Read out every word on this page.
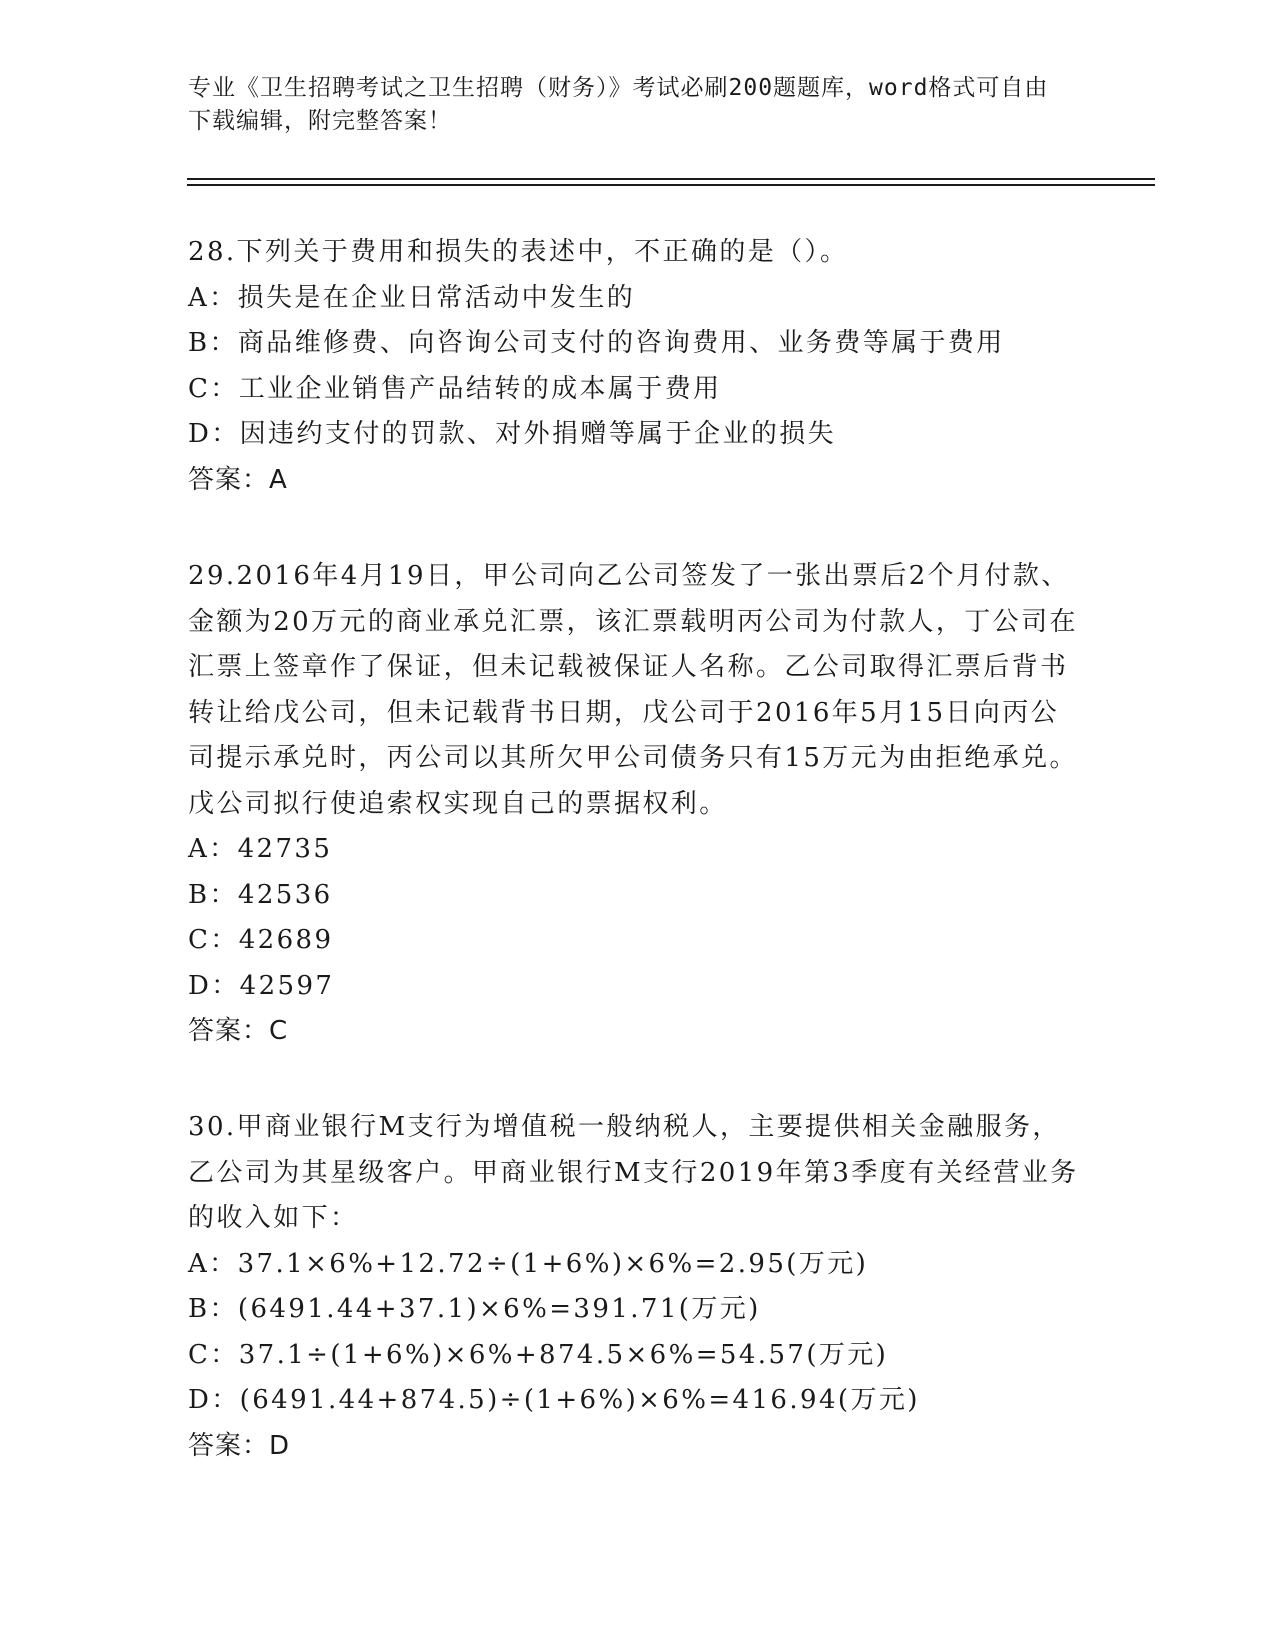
专业《卫生招聘考试之卫生招聘（财务）》考试必刷200题题库，word格式可自由下载编辑，附完整答案！
28.下列关于费用和损失的表述中，不正确的是（）。
A：损失是在企业日常活动中发生的
B：商品维修费、向咨询公司支付的咨询费用、业务费等属于费用
C：工业企业销售产品结转的成本属于费用
D：因违约支付的罚款、对外捐赠等属于企业的损失
答案：A
29.2016年4月19日，甲公司向乙公司签发了一张出票后2个月付款、金额为20万元的商业承兑汇票，该汇票载明丙公司为付款人，丁公司在汇票上签章作了保证，但未记载被保证人名称。乙公司取得汇票后背书转让给戊公司，但未记载背书日期，戊公司于2016年5月15日向丙公司提示承兑时，丙公司以其所欠甲公司债务只有15万元为由拒绝承兑。戊公司拟行使追索权实现自己的票据权利。
A：42735
B：42536
C：42689
D：42597
答案：C
30.甲商业银行M支行为增值税一般纳税人，主要提供相关金融服务，乙公司为其星级客户。甲商业银行M支行2019年第3季度有关经营业务的收入如下：
A：37.1×6%+12.72÷(1+6%)×6%=2.95(万元)
B：(6491.44+37.1)×6%=391.71(万元)
C：37.1÷(1+6%)×6%+874.5×6%=54.57(万元)
D：(6491.44+874.5)÷(1+6%)×6%=416.94(万元)
答案：D
